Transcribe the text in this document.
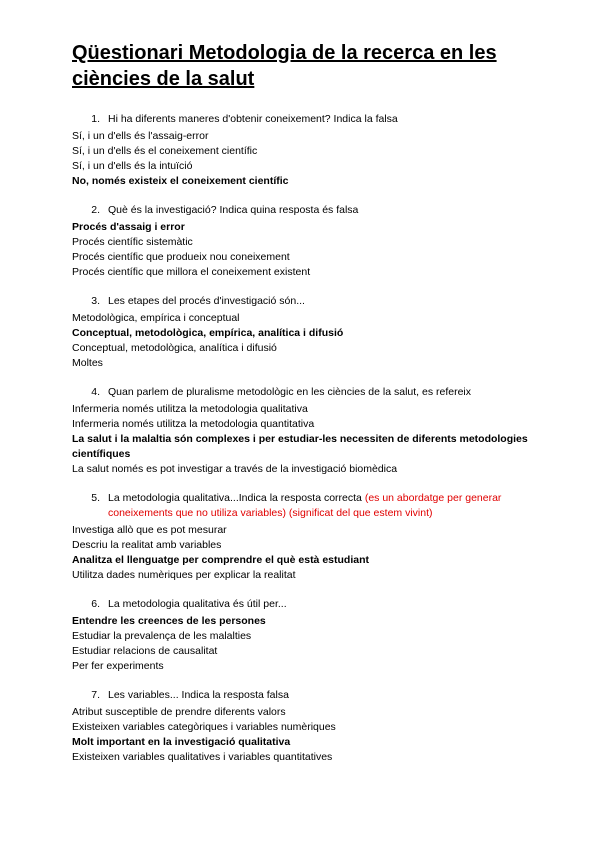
Qüestionari Metodologia de la recerca en les ciències de la salut
1. Hi ha diferents maneres d'obtenir coneixement? Indica la falsa
Sí, i un d'ells és l'assaig-error
Sí, i un d'ells és el coneixement científic
Sí, i un d'ells és la intuïció
No, només existeix el coneixement científic
2. Què és la investigació? Indica quina resposta és falsa
Procés d'assaig i error
Procés científic sistemàtic
Procés científic que produeix nou coneixement
Procés científic que millora el coneixement existent
3. Les etapes del procés d'investigació són...
Metodològica, empírica i conceptual
Conceptual, metodològica, empírica, analítica i difusió
Conceptual, metodològica, analítica i difusió
Moltes
4. Quan parlem de pluralisme metodològic en les ciències de la salut, es refereix
Infermeria només utilitza la metodologia qualitativa
Infermeria només utilitza la metodologia quantitativa
La salut i la malaltia són complexes i per estudiar-les necessiten de diferents metodologies científiques
La salut només es pot investigar a través de la investigació biomèdica
5. La metodologia qualitativa...Indica la resposta correcta (es un abordatge per generar coneixements que no utiliza variables) (significat del que estem vivint)
Investiga allò que es pot mesurar
Descriu la realitat amb variables
Analitza el llenguatge per comprendre el què està estudiant
Utilitza dades numèriques per explicar la realitat
6. La metodologia qualitativa és útil per...
Entendre les creences de les persones
Estudiar la prevalença de les malalties
Estudiar relacions de causalitat
Per fer experiments
7. Les variables... Indica la resposta falsa
Atribut susceptible de prendre diferents valors
Existeixen variables categòriques i variables numèriques
Molt important en la investigació qualitativa
Existeixen variables qualitatives i variables quantitatives
